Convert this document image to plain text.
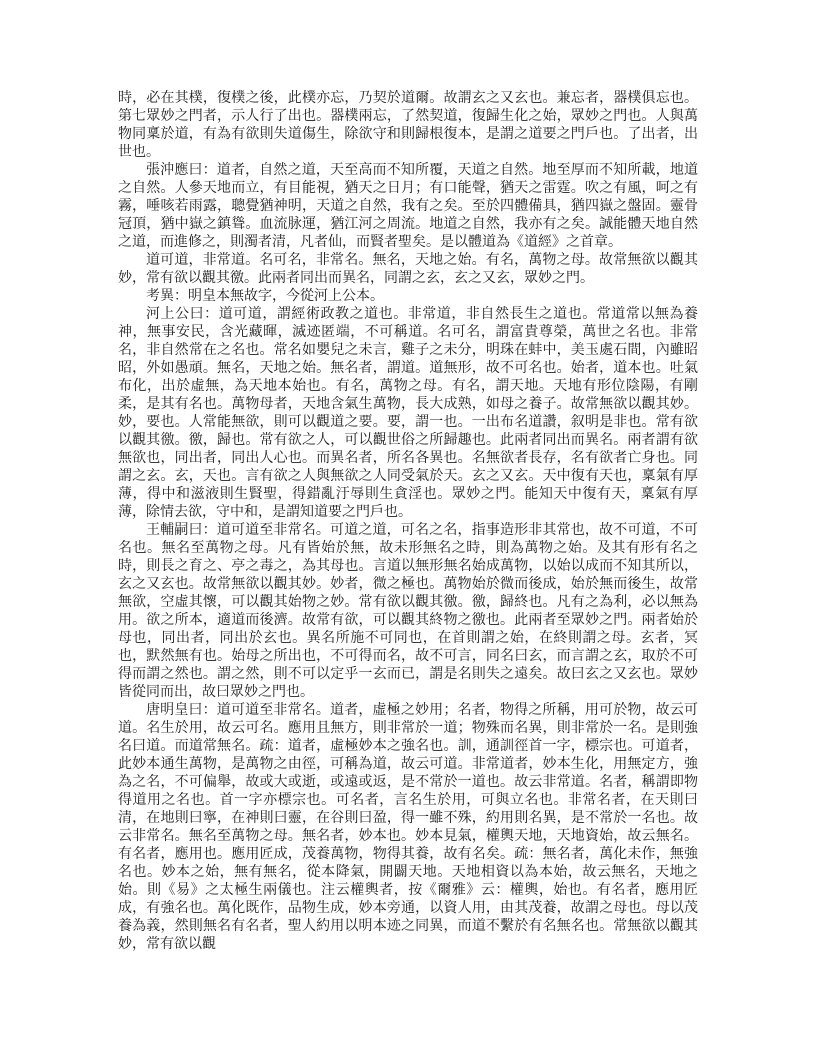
時，必在其樸，復樸之後，此樸亦忘，乃契於道爾。故謂玄之又玄也。兼忘者，器樸俱忘也。第七眾妙之門者，示人行了出也。器樸兩忘，了然契道，復歸生化之始，眾妙之門也。人與萬物同稟於道，有為有欲則失道傷生，除欲守和則歸根復本，是謂之道要之門戶也。了出者，出世也。

張沖應曰：道者，自然之道，天至高而不知所覆，天道之自然。地至厚而不知所載，地道之自然。人參天地而立，有目能視，猶天之日月；有口能聲，猶天之雷霆。吹之有風，呵之有霧，唾咳若雨露，聰覺猶神明，天道之自然，我有之矣。至於四體備具，猶四嶽之盤固。靈骨冠頂，猶中嶽之鎮聳。血流脉運，猶江河之周流。地道之自然，我亦有之矣。誠能體天地自然之道，而進修之，則濁者清，凡者仙，而賢者聖矣。是以體道為《道經》之首章。

道可道，非常道。名可名，非常名。無名，天地之始。有名，萬物之母。故常無欲以觀其妙，常有欲以觀其徼。此兩者同出而異名，同謂之玄，玄之又玄，眾妙之門。

考異：明皇本無故字，今從河上公本。

河上公曰：道可道，謂經術政教之道也。非常道，非自然長生之道也。常道常以無為養神，無事安民，含光藏暉，滅迹匿端，不可稱道。名可名，謂富貴尊榮，萬世之名也。非常名，非自然常在之名也。常名如嬰兒之未言，雞子之未分，明珠在蚌中，美玉處石間，內雖昭昭，外如愚頑。無名，天地之始。無名者，謂道。道無形，故不可名也。始者，道本也。吐氣布化，出於虛無，為天地本始也。有名，萬物之母。有名，謂天地。天地有形位陰陽，有剛柔，是其有名也。萬物母者，天地含氣生萬物，長大成熟，如母之養子。故常無欲以觀其妙。妙，要也。人常能無欲，則可以觀道之要。要，謂一也。一出布名道讚，叙明是非也。常有欲以觀其徼。徼，歸也。常有欲之人，可以觀世俗之所歸趣也。此兩者同出而異名。兩者謂有欲無欲也，同出者，同出人心也。而異名者，所名各異也。名無欲者長存，名有欲者亡身也。同謂之玄。玄，天也。言有欲之人與無欲之人同受氣於天。玄之又玄。天中復有天也，稟氣有厚薄，得中和滋液則生賢聖，得錯亂汙辱則生貪淫也。眾妙之門。能知天中復有天，稟氣有厚薄，除情去欲，守中和，是謂知道要之門戶也。

王輔嗣曰：道可道至非常名。可道之道，可名之名，指事造形非其常也，故不可道，不可名也。無名至萬物之母。凡有皆始於無，故未形無名之時，則為萬物之始。及其有形有名之時，則長之育之、亭之毒之，為其母也。言道以無形無名始成萬物，以始以成而不知其所以，玄之又玄也。故常無欲以觀其妙。妙者，微之極也。萬物始於微而後成，始於無而後生，故常無欲，空虛其懷，可以觀其始物之妙。常有欲以觀其徼。徼，歸終也。凡有之為利，必以無為用。欲之所本，適道而後濟。故常有欲，可以觀其終物之徼也。此兩者至眾妙之門。兩者始於母也，同出者，同出於玄也。異名所施不可同也，在首則謂之始，在終則謂之母。玄者，冥也，默然無有也。始母之所出也，不可得而名，故不可言，同名曰玄，而言謂之玄，取於不可得而謂之然也。謂之然，則不可以定乎一玄而已，謂是名則失之遠矣。故曰玄之又玄也。眾妙皆從同而出，故曰眾妙之門也。

唐明皇曰：道可道至非常名。道者，虛極之妙用；名者，物得之所稱，用可於物，故云可道。名生於用，故云可名。應用且無方，則非常於一道；物殊而名異，則非常於一名。是則強名曰道。而道常無名。疏：道者，虛極妙本之強名也。訓，通訓徑首一字，標宗也。可道者，此妙本通生萬物，是萬物之由徑，可稱為道，故云可道。非常道者，妙本生化，用無定方，強為之名，不可偏舉，故或大或逝，或遠或返，是不常於一道也。故云非常道。名者，稱謂即物得道用之名也。首一字亦標宗也。可名者，言名生於用，可與立名也。非常名者，在天則曰清，在地則曰寧，在神則曰靈，在谷則曰盈，得一雖不殊，約用則名異，是不常於一名也。故云非常名。無名至萬物之母。無名者，妙本也。妙本見氣，權輿天地，天地資始，故云無名。有名者，應用也。應用匠成，茂養萬物，物得其養，故有名矣。疏：無名者，萬化未作，無強名也。妙本之始，無有無名，從本降氣，開闢天地。天地相資以為本始，故云無名，天地之始。則《易》之太極生兩儀也。注云權輿者，按《爾雅》云：權輿，始也。有名者，應用匠成，有強名也。萬化既作，品物生成，妙本旁通，以資人用，由其茂養，故謂之母也。母以茂養為義，然則無名有名者，聖人約用以明本迹之同異，而道不繫於有名無名也。常無欲以觀其妙，常有欲以觀
